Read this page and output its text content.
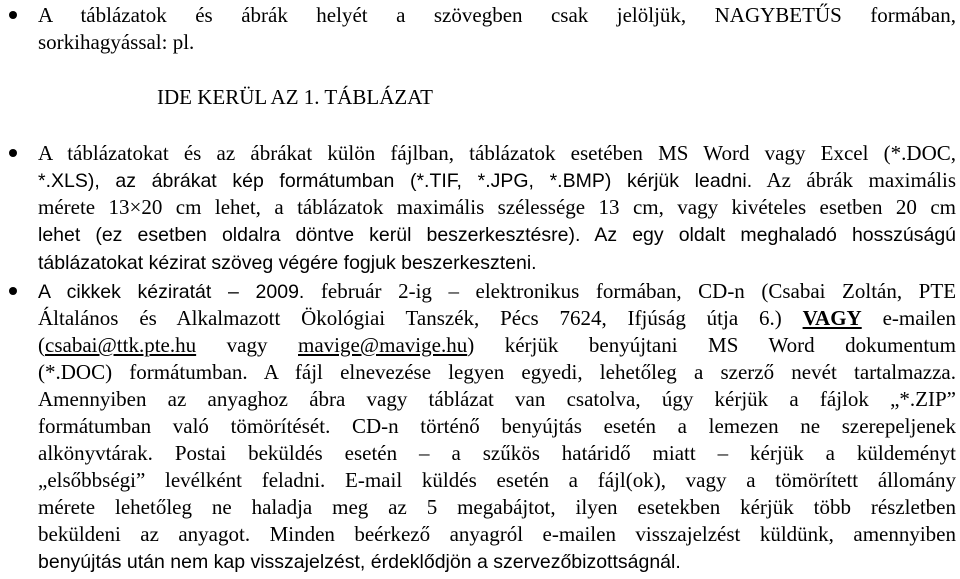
A táblázatok és ábrák helyét a szövegben csak jelöljük, NAGYBETŰS formában,
sorkihagyással: pl.
IDE KERÜL AZ 1. TÁBLÁZAT
A táblázatokat és az ábrákat külön fájlban, táblázatok esetében MS Word vagy Excel (*.DOC,
*.XLS), az ábrákat kép formátumban (*.TIF, *.JPG, *.BMP) kérjük leadni. Az ábrák maximális
mérete 13×20 cm lehet, a táblázatok maximális szélessége 13 cm, vagy kivételes esetben 20 cm
lehet (ez esetben oldalra döntve kerül beszerkesztésre). Az egy oldalt meghaladó hosszúságú
táblázatokat kézirat szöveg végére fogjuk beszerkeszteni.
A cikkek kéziratát – 2009. február 2-ig – elektronikus formában, CD-n (Csabai Zoltán, PTE
Általános és Alkalmazott Ökológiai Tanszék, Pécs 7624, Ifjúság útja 6.) VAGY e-mailen
(csabai@ttk.pte.hu vagy mavige@mavige.hu) kérjük benyújtani MS Word dokumentum
(*.DOC) formátumban. A fájl elnevezése legyen egyedi, lehetőleg a szerző nevét tartalmazza.
Amennyiben az anyaghoz ábra vagy táblázat van csatolva, úgy kérjük a fájlok „*.ZIP”
formátumban való tömörítését. CD-n történő benyújtás esetén a lemezen ne szerepeljenek
alkönyvtárak. Postai beküldés esetén – a szűkös határidő miatt – kérjük a küldeményt
„elsőbbségi” levélként feladni. E-mail küldés esetén a fájl(ok), vagy a tömörített állomány
mérete lehetőleg ne haladja meg az 5 megabájtot, ilyen esetekben kérjük több részletben
beküldeni az anyagot. Minden beérkező anyagról e-mailen visszajelzést küldünk, amennyiben
benyújtás után nem kap visszajelzést, érdeklődjön a szervezőbizottságnál.
